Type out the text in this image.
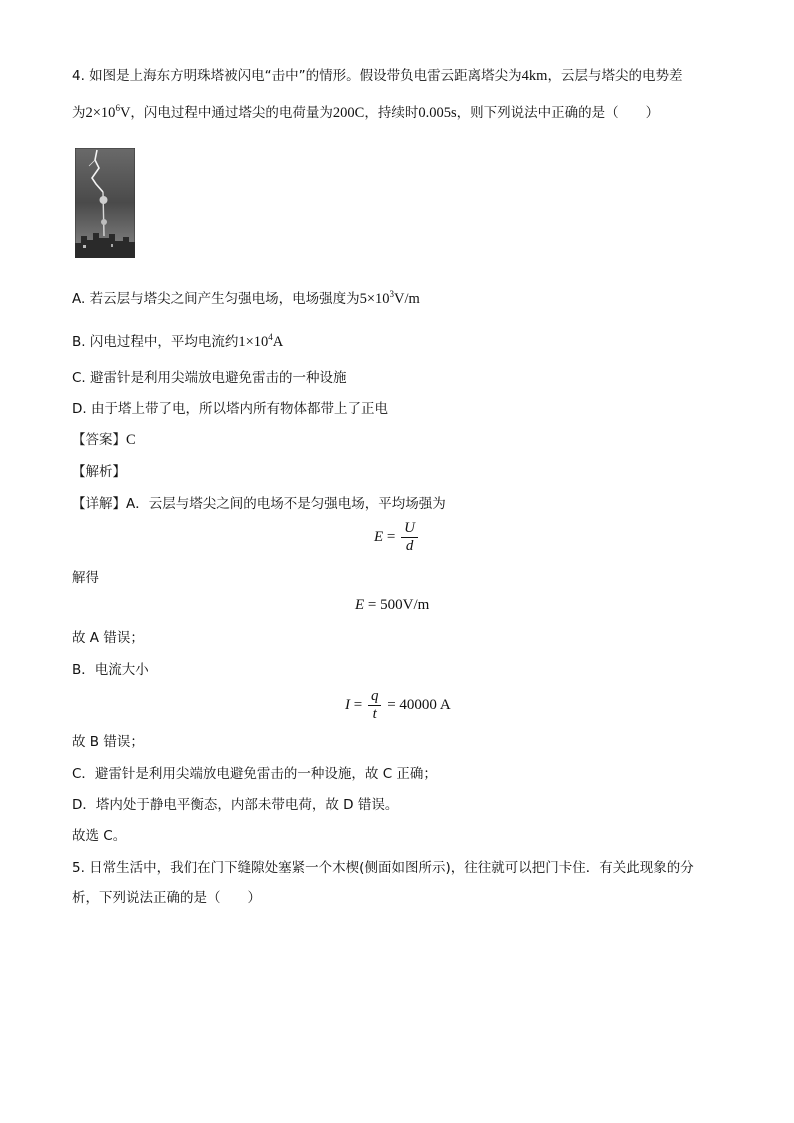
4. 如图是上海东方明珠塔被闪电“击中”的情形。假设带负电雷云距离塔尖为4km，云层与塔尖的电势差
为$2\times 10^6V$，闪电过程中通过塔尖的电荷量为200C，持续时0.005s，则下列说法中正确的是（　　）
A. 若云层与塔尖之间产生匀强电场，电场强度为$5\times 10^3V/m$
B. 闪电过程中，平均电流约$1\times 10^4A$
C. 避雷针是利用尖端放电避免雷击的一种设施
D. 由于塔上带了电，所以塔内所有物体都带上了正电
【答案】C
【解析】
【详解】A．云层与塔尖之间的电场不是匀强电场，平均场强为
$E = \frac{U}{d}$
解得
E = 500V/m
故 A 错误；
B．电流大小
$I = \frac{q}{t} = 40000$ A
故 B 错误；
C．避雷针是利用尖端放电避免雷击的一种设施，故 C 正确；
D．塔内处于静电平衡态，内部未带电荷，故 D 错误。
故选 C。
5. 日常生活中，我们在门下缝隙处塞紧一个木楔(侧面如图所示)，往往就可以把门卡住．有关此现象的分
析，下列说法正确的是（　　）
